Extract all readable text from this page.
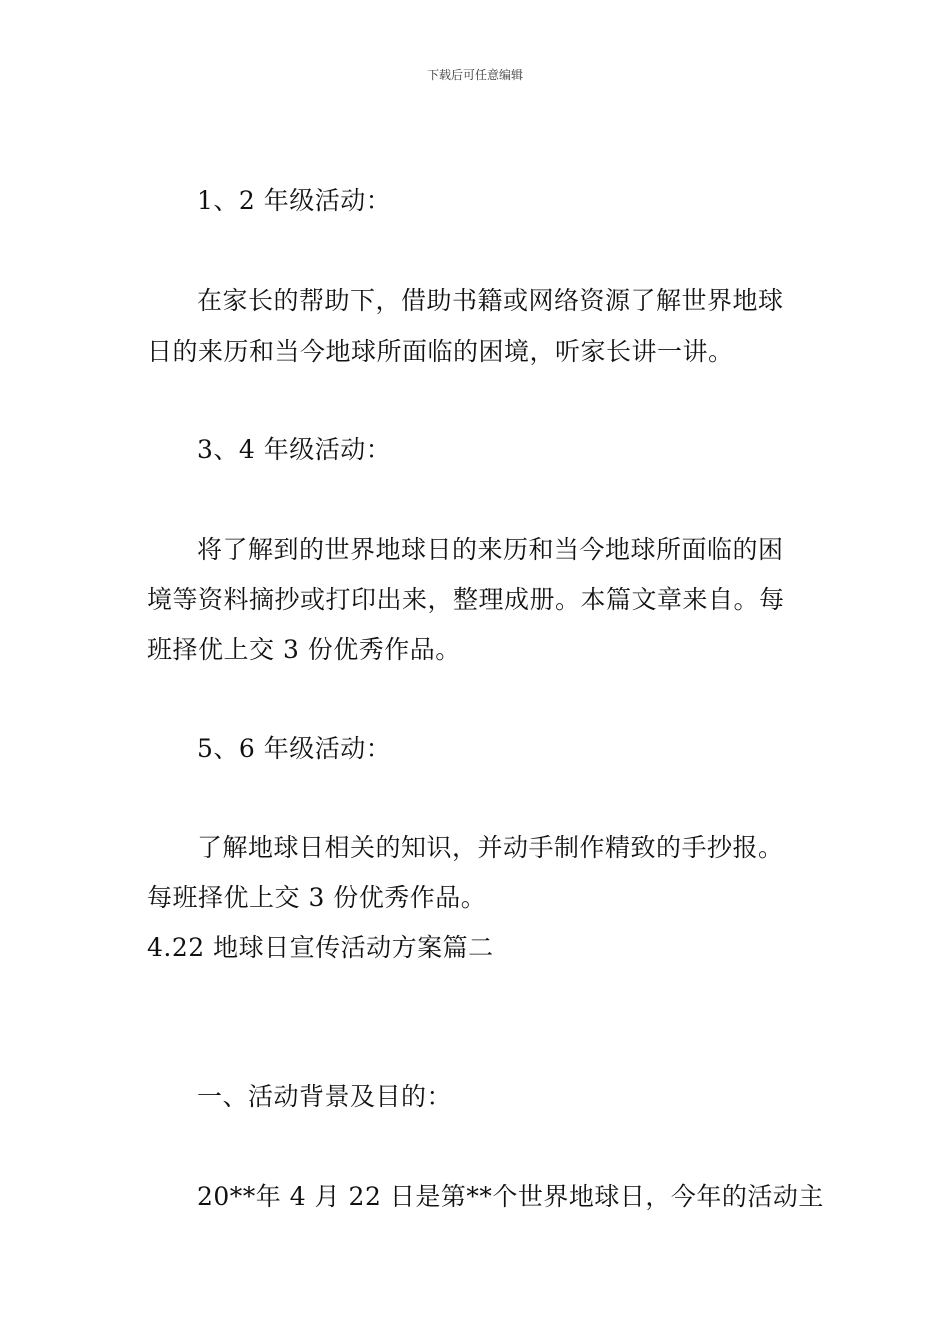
下载后可任意编辑
1、2 年级活动：
在家长的帮助下，借助书籍或网络资源了解世界地球
日的来历和当今地球所面临的困境，听家长讲一讲。
3、4 年级活动：
将了解到的世界地球日的来历和当今地球所面临的困
境等资料摘抄或打印出来，整理成册。本篇文章来自。每
班择优上交 3 份优秀作品。
5、6 年级活动：
了解地球日相关的知识，并动手制作精致的手抄报。
每班择优上交 3 份优秀作品。
4.22 地球日宣传活动方案篇二
一、活动背景及目的：
20**年 4 月 22 日是第**个世界地球日，今年的活动主
